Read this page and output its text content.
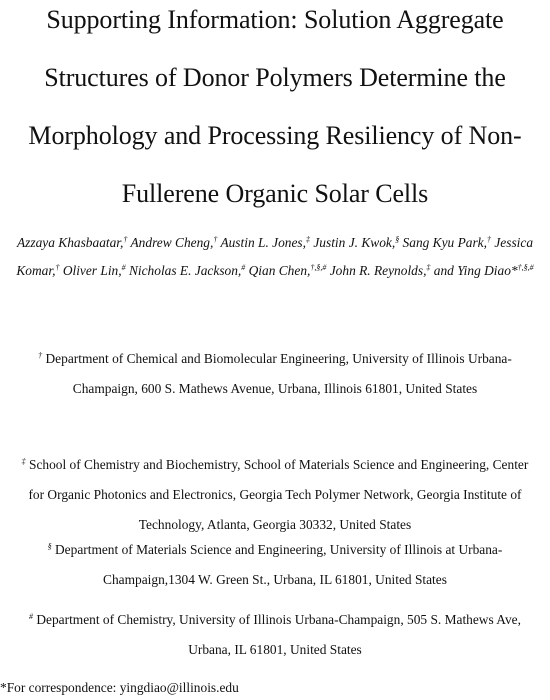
Supporting Information: Solution Aggregate
Structures of Donor Polymers Determine the
Morphology and Processing Resiliency of Non-
Fullerene Organic Solar Cells

Azzaya Khasbaatar,† Andrew Cheng,† Austin L. Jones,‡ Justin J. Kwok,§ Sang Kyu Park,† Jessica Komar,† Oliver Lin,# Nicholas E. Jackson,# Qian Chen,†,§,# John R. Reynolds,‡ and Ying Diao*†,§,#

† Department of Chemical and Biomolecular Engineering, University of Illinois Urbana-
Champaign, 600 S. Mathews Avenue, Urbana, Illinois 61801, United States

‡ School of Chemistry and Biochemistry, School of Materials Science and Engineering, Center
for Organic Photonics and Electronics, Georgia Tech Polymer Network, Georgia Institute of
Technology, Atlanta, Georgia 30332, United States

§ Department of Materials Science and Engineering, University of Illinois at Urbana-
Champaign,1304 W. Green St., Urbana, IL 61801, United States

# Department of Chemistry, University of Illinois Urbana-Champaign, 505 S. Mathews Ave,
Urbana, IL 61801, United States

*For correspondence: yingdiao@illinois.edu
